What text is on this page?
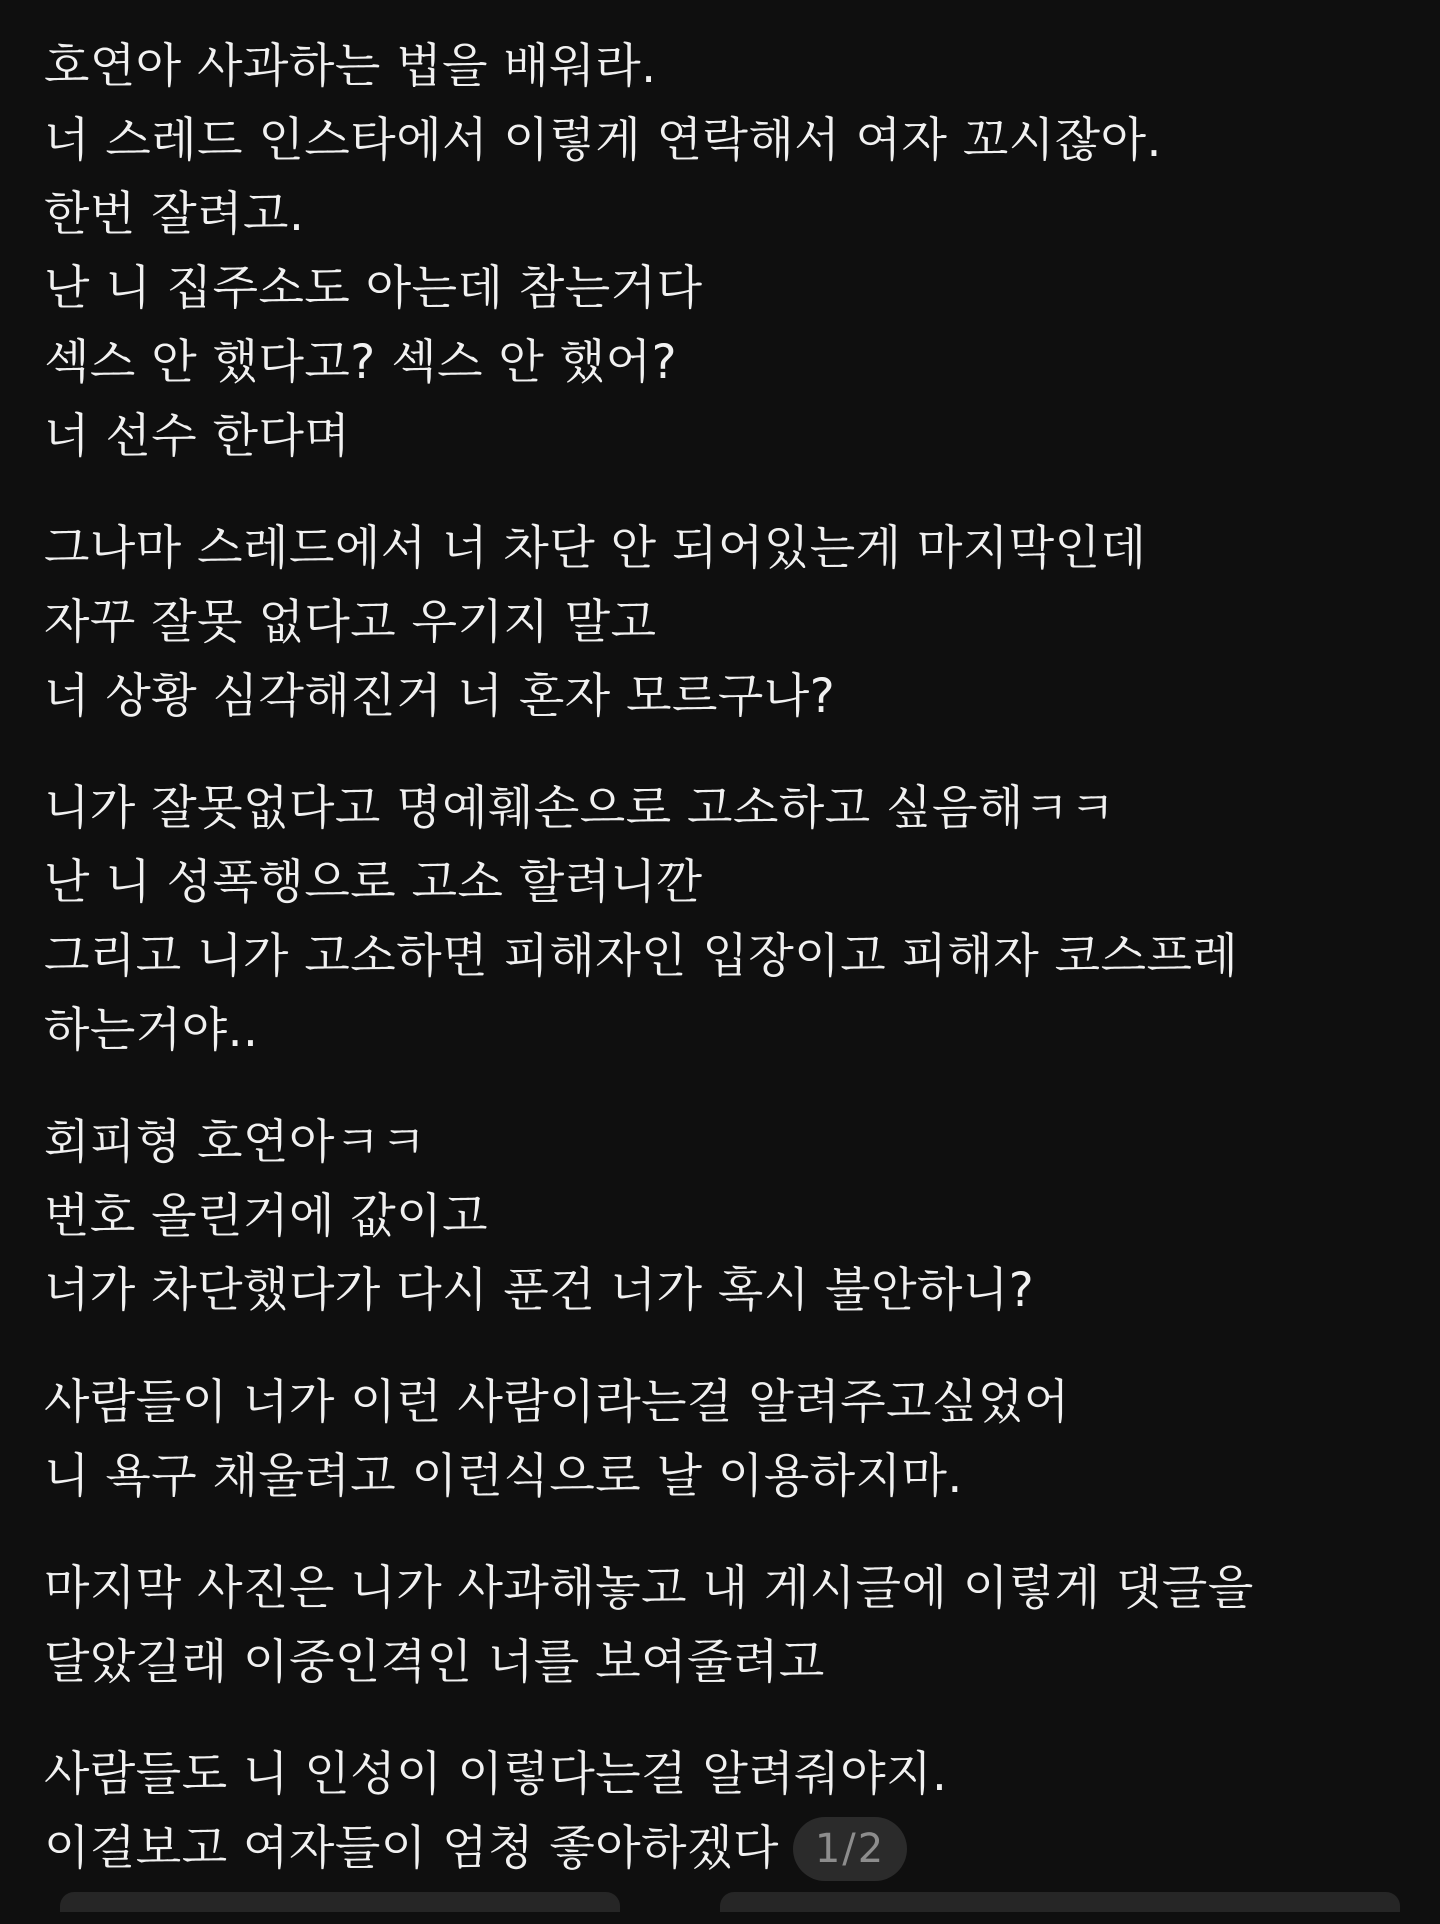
호연아 사과하는 법을 배워라.
너 스레드 인스타에서 이렇게 연락해서 여자 꼬시잖아.
한번 잘려고.
난 니 집주소도 아는데 참는거다
섹스 안 했다고? 섹스 안 했어?
너 선수 한다며
그나마 스레드에서 너 차단 안 되어있는게 마지막인데
자꾸 잘못 없다고 우기지 말고
너 상황 심각해진거 너 혼자 모르구나?
니가 잘못없다고 명예훼손으로 고소하고 싶음해ㅋㅋ
난 니 성폭행으로 고소 할려니깐
그리고 니가 고소하면 피해자인 입장이고 피해자 코스프레
하는거야..
회피형 호연아ㅋㅋ
번호 올린거에 값이고
너가 차단했다가 다시 푼건 너가 혹시 불안하니?
사람들이 너가 이런 사람이라는걸 알려주고싶었어
니 욕구 채울려고 이런식으로 날 이용하지마.
마지막 사진은 니가 사과해놓고 내 게시글에 이렇게 댓글을
달았길래 이중인격인 너를 보여줄려고
사람들도 니 인성이 이렇다는걸 알려줘야지.
이걸보고 여자들이 엄청 좋아하겠다 1/2
